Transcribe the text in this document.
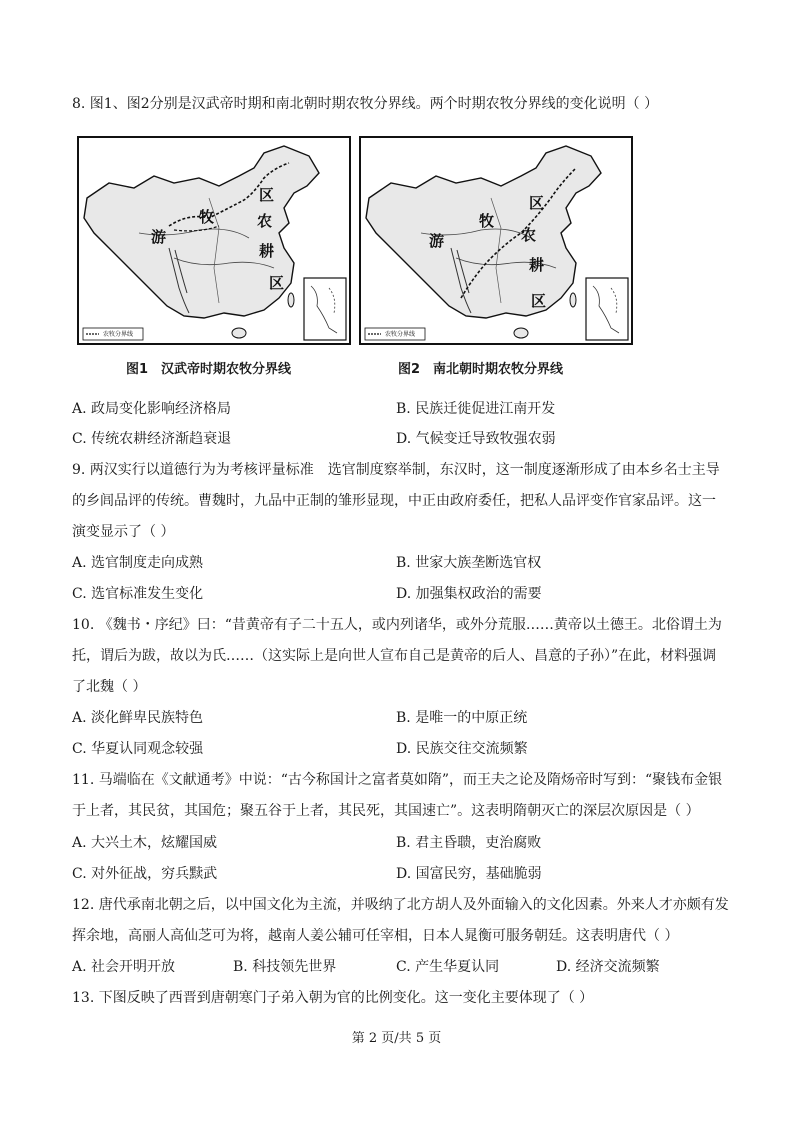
8. 图1、图2分别是汉武帝时期和南北朝时期农牧分界线。两个时期农牧分界线的变化说明（ ）
农牧分界线
区
牧	农
游
耕
区
农牧分界线
区
牧
农
游
耕
区
图1　汉武帝时期农牧分界线	图2　南北朝时期农牧分界线
A. 政局变化影响经济格局	B. 民族迁徙促进江南开发
C. 传统农耕经济渐趋衰退	D. 气候变迁导致牧强农弱
9. 两汉实行以道德行为为考核评量标准　选官制度察举制，东汉时，这一制度逐渐形成了由本乡名士主导
的乡闾品评的传统。曹魏时，九品中正制的雏形显现，中正由政府委任，把私人品评变作官家品评。这一
演变显示了（ ）
A. 选官制度走向成熟	B. 世家大族垄断选官权
C. 选官标准发生变化	D. 加强集权政治的需要
10. 《魏书・序纪》曰：“昔黄帝有子二十五人，或内列诸华，或外分荒服……黄帝以土德王。北俗谓土为
托，谓后为跋，故以为氏……（这实际上是向世人宣布自己是黄帝的后人、昌意的子孙）”在此，材料强调
了北魏（ ）
A. 淡化鲜卑民族特色	B. 是唯一的中原正统
C. 华夏认同观念较强	D. 民族交往交流频繁
11. 马端临在《文献通考》中说：“古今称国计之富者莫如隋”，而王夫之论及隋炀帝时写到：“聚钱布金银
于上者，其民贫，其国危；聚五谷于上者，其民死，其国速亡”。这表明隋朝灭亡的深层次原因是（ ）
A. 大兴土木，炫耀国威	B. 君主昏聩，吏治腐败
C. 对外征战，穷兵黩武	D. 国富民穷，基础脆弱
12. 唐代承南北朝之后，以中国文化为主流，并吸纳了北方胡人及外面输入的文化因素。外来人才亦颇有发
挥余地，高丽人高仙芝可为将，越南人姜公辅可任宰相，日本人晁衡可服务朝廷。这表明唐代（ ）
A. 社会开明开放	B. 科技领先世界	C. 产生华夏认同	D. 经济交流频繁
13. 下图反映了西晋到唐朝寒门子弟入朝为官的比例变化。这一变化主要体现了（ ）
第 2 页/共 5 页
